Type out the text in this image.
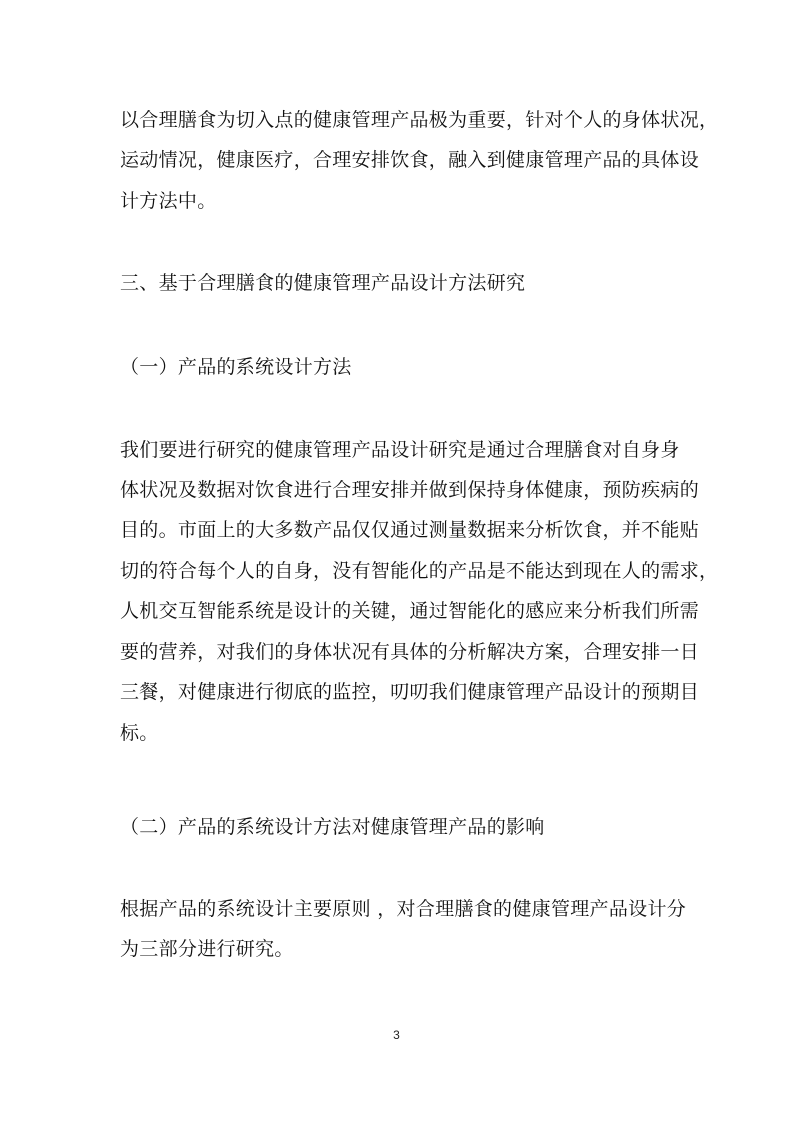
以合理膳食为切入点的健康管理产品极为重要，针对个人的身体状况，
运动情况，健康医疗，合理安排饮食，融入到健康管理产品的具体设
计方法中。
三、基于合理膳食的健康管理产品设计方法研究
（一）产品的系统设计方法
我们要进行研究的健康管理产品设计研究是通过合理膳食对自身身
体状况及数据对饮食进行合理安排并做到保持身体健康，预防疾病的
目的。市面上的大多数产品仅仅通过测量数据来分析饮食，并不能贴
切的符合每个人的自身，没有智能化的产品是不能达到现在人的需求，
人机交互智能系统是设计的关键，通过智能化的感应来分析我们所需
要的营养，对我们的身体状况有具体的分析解决方案，合理安排一日
三餐，对健康进行彻底的监控，叨叨我们健康管理产品设计的预期目
标。
（二）产品的系统设计方法对健康管理产品的影响
根据产品的系统设计主要原则 ，对合理膳食的健康管理产品设计分
为三部分进行研究。
3
